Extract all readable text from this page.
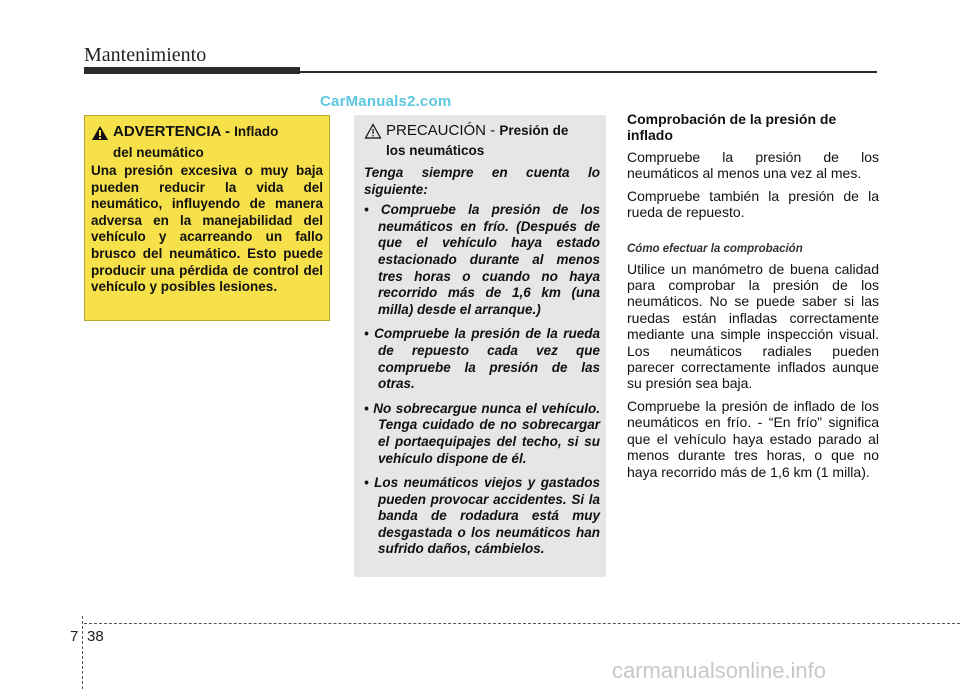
Mantenimiento
CarManuals2.com
ADVERTENCIA - Inflado
del neumático
Una presión excesiva o muy baja pueden reducir la vida del neumático, influyendo de manera adversa en la manejabilidad del vehículo y acarreando un fallo brusco del neumático. Esto puede producir una pérdida de control del vehículo y posibles lesiones.
PRECAUCIÓN - Presión de
los neumáticos
Tenga siempre en cuenta lo siguiente:
• Compruebe la presión de los neumáticos en frío. (Después de que el vehículo haya estado estacionado durante al menos tres horas o cuando no haya recorrido más de 1,6 km (una milla) desde el arranque.)
• Compruebe la presión de la rueda de repuesto cada vez que compruebe la presión de las otras.
• No sobrecargue nunca el vehículo. Tenga cuidado de no sobrecargar el portaequipajes del techo, si su vehículo dispone de él.
• Los neumáticos viejos y gastados pueden provocar accidentes. Si la banda de rodadura está muy desgastada o los neumáticos han sufrido daños, cámbielos.
Comprobación de la presión de inflado

Compruebe la presión de los neumáticos al menos una vez al mes.

Compruebe también la presión de la rueda de repuesto.

Cómo efectuar la comprobación

Utilice un manómetro de buena calidad para comprobar la presión de los neumáticos. No se puede saber si las ruedas están infladas correctamente mediante una simple inspección visual. Los neumáticos radiales pueden parecer correctamente inflados aunque su presión sea baja.

Compruebe la presión de inflado de los neumáticos en frío. - “En frío” significa que el vehículo haya estado parado al menos durante tres horas, o que no haya recorrido más de 1,6 km (1 milla).

7 38
carmanualsonline.info
